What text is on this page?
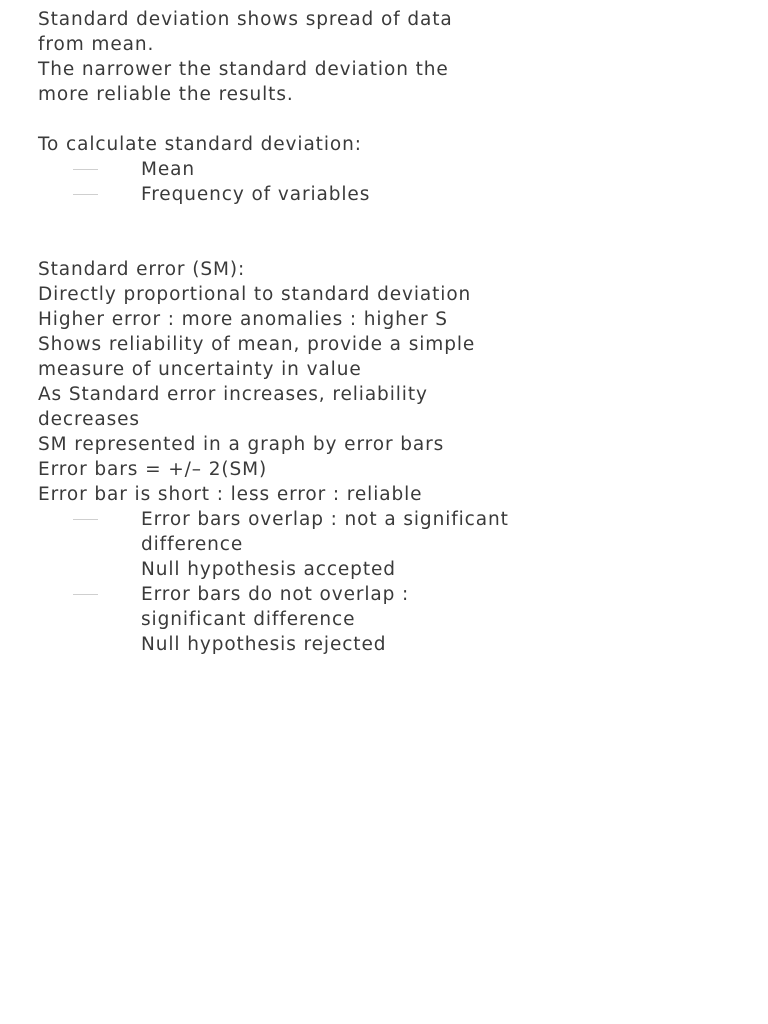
Standard deviation shows spread of data
from mean.
The narrower the standard deviation the
more reliable the results.
To calculate standard deviation:
Mean
Frequency of variables
Standard error (SM):
Directly proportional to standard deviation
Higher error : more anomalies : higher S
Shows reliability of mean, provide a simple
measure of uncertainty in value
As Standard error increases, reliability
decreases
SM represented in a graph by error bars
Error bars = +/– 2(SM)
Error bar is short : less error : reliable
Error bars overlap : not a significant
difference
Null hypothesis accepted
Error bars do not overlap :
significant difference
Null hypothesis rejected
